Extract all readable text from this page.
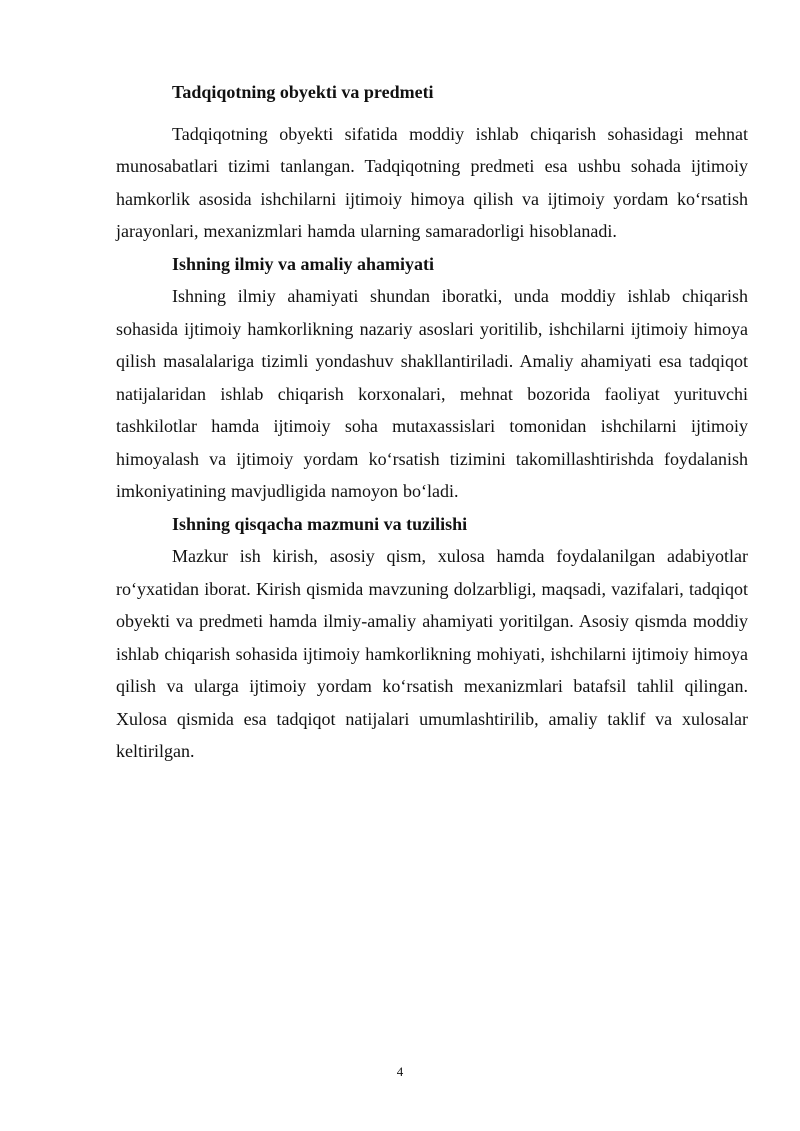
Tadqiqotning obyekti va predmeti

Tadqiqotning obyekti sifatida moddiy ishlab chiqarish sohasidagi mehnat munosabatlari tizimi tanlangan. Tadqiqotning predmeti esa ushbu sohada ijtimoiy hamkorlik asosida ishchilarni ijtimoiy himoya qilish va ijtimoiy yordam ko‘rsatish jarayonlari, mexanizmlari hamda ularning samaradorligi hisoblanadi.

Ishning ilmiy va amaliy ahamiyati

Ishning ilmiy ahamiyati shundan iboratki, unda moddiy ishlab chiqarish sohasida ijtimoiy hamkorlikning nazariy asoslari yoritilib, ishchilarni ijtimoiy himoya qilish masalalariga tizimli yondashuv shakllantiriladi. Amaliy ahamiyati esa tadqiqot natijalaridan ishlab chiqarish korxonalari, mehnat bozorida faoliyat yurituvchi tashkilotlar hamda ijtimoiy soha mutaxassislari tomonidan ishchilarni ijtimoiy himoyalash va ijtimoiy yordam ko‘rsatish tizimini takomillashtirishda foydalanish imkoniyatining mavjudligida namoyon bo‘ladi.

Ishning qisqacha mazmuni va tuzilishi

Mazkur ish kirish, asosiy qism, xulosa hamda foydalanilgan adabiyotlar ro‘yxatidan iborat. Kirish qismida mavzuning dolzarbligi, maqsadi, vazifalari, tadqiqot obyekti va predmeti hamda ilmiy-amaliy ahamiyati yoritilgan. Asosiy qismda moddiy ishlab chiqarish sohasida ijtimoiy hamkorlikning mohiyati, ishchilarni ijtimoiy himoya qilish va ularga ijtimoiy yordam ko‘rsatish mexanizmlari batafsil tahlil qilingan. Xulosa qismida esa tadqiqot natijalari umumlashtirilib, amaliy taklif va xulosalar keltirilgan.

4
